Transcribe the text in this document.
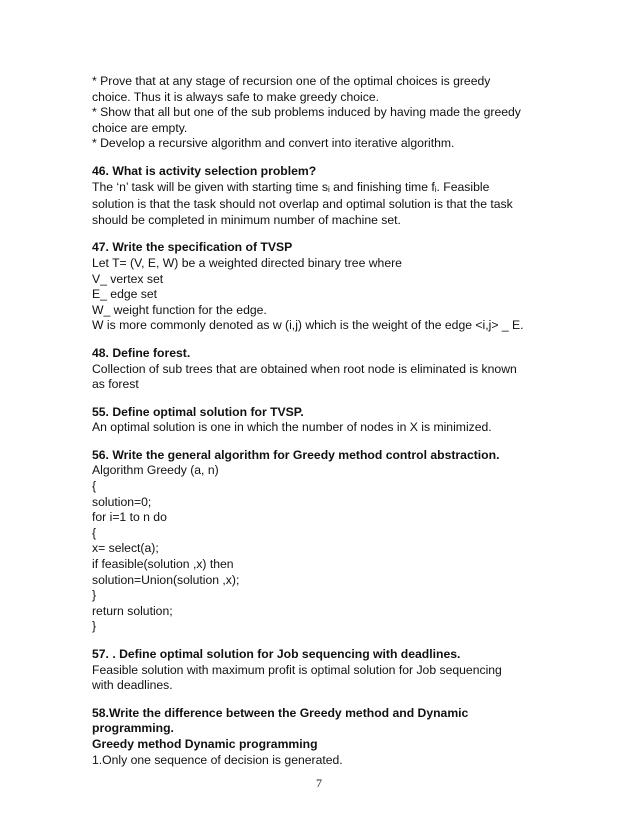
* Prove that at any stage of recursion one of the optimal choices is greedy
choice. Thus it is always safe to make greedy choice.
* Show that all but one of the sub problems induced by having made the greedy
choice are empty.
* Develop a recursive algorithm and convert into iterative algorithm.
46. What is activity selection problem?
The ‘n’ task will be given with starting time si and finishing time fi. Feasible
solution is that the task should not overlap and optimal solution is that the task
should be completed in minimum number of machine set.
47. Write the specification of TVSP
Let T= (V, E, W) be a weighted directed binary tree where
V_ vertex set
E_ edge set
W_ weight function for the edge.
W is more commonly denoted as w (i,j) which is the weight of the edge <i,j> _ E.
48. Define forest.
Collection of sub trees that are obtained when root node is eliminated is known
as forest
55. Define optimal solution for TVSP.
An optimal solution is one in which the number of nodes in X is minimized.
56. Write the general algorithm for Greedy method control abstraction.
Algorithm Greedy (a, n)
{
solution=0;
for i=1 to n do
{
x= select(a);
if feasible(solution ,x) then
solution=Union(solution ,x);
}
return solution;
}
57. . Define optimal solution for Job sequencing with deadlines.
Feasible solution with maximum profit is optimal solution for Job sequencing
with deadlines.
58.Write the difference between the Greedy method and Dynamic
programming.
Greedy method Dynamic programming
1.Only one sequence of decision is generated.
7
